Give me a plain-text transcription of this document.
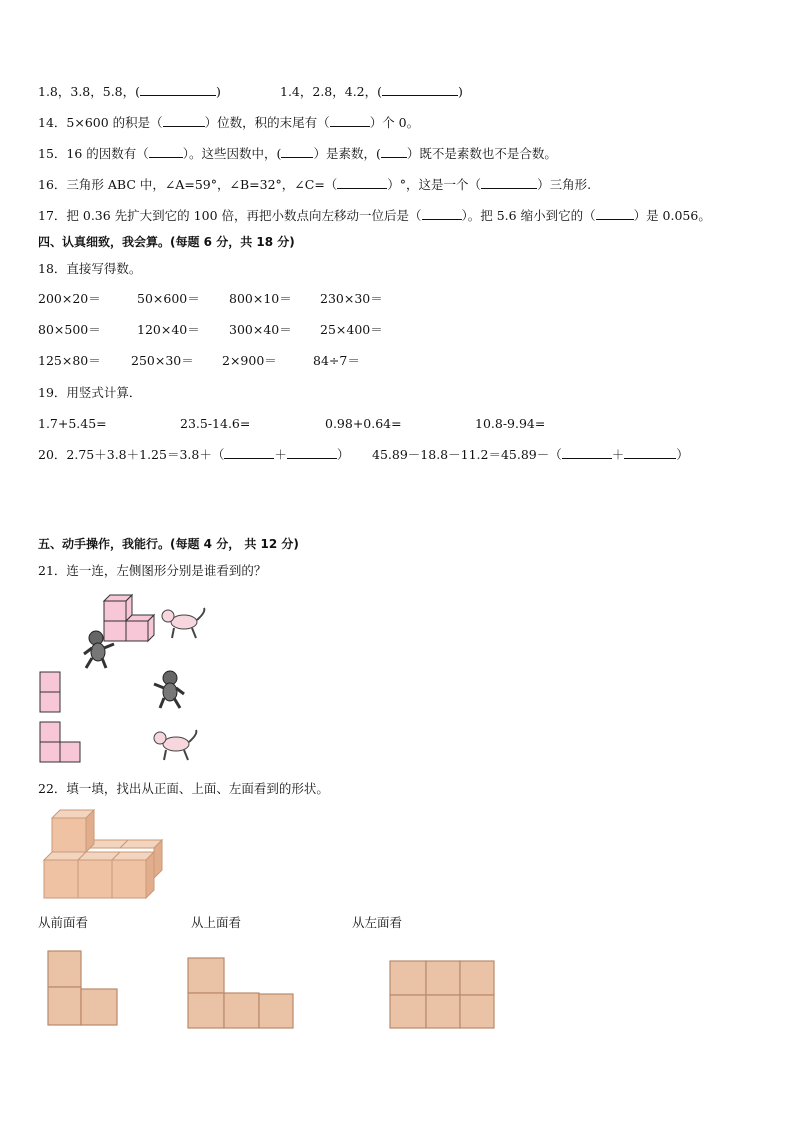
1.8，3.8，5.8，(	)	1.4，2.8，4.2，(	)
14．5×600 的积是（	）位数，积的末尾有（	）个 0。
15．16 的因数有（	）。这些因数中，(	）是素数，( ）既不是素数也不是合数。
16．三角形 ABC 中，∠A=59°，∠B=32°，∠C=（	）°，这是一个（	）三角形.
17．把 0.36 先扩大到它的 100 倍，再把小数点向左移动一位后是（	）。把 5.6 缩小到它的（	）是 0.056。
四、认真细致，我会算。(每题 6 分，共 18 分)
18．直接写得数。
200×20＝	50×600＝ 800×10＝ 230×30＝
80×500＝	120×40＝ 300×40＝ 25×400＝
125×80＝ 250×30＝ 2×900＝	84÷7＝
19．用竖式计算．
1.7+5.45=	23.5-14.6=	0.98+0.64=	10.8-9.94=
20．2.75＋3.8＋1.25＝3.8＋（	＋	） 45.89－18.8－11.2＝45.89－（	＋	）
五、动手操作，我能行。(每题 4 分， 共 12 分)
21．连一连，左侧图形分别是谁看到的？
22．填一填，找出从正面、上面、左面看到的形状。
从前面看	从上面看	从左面看
